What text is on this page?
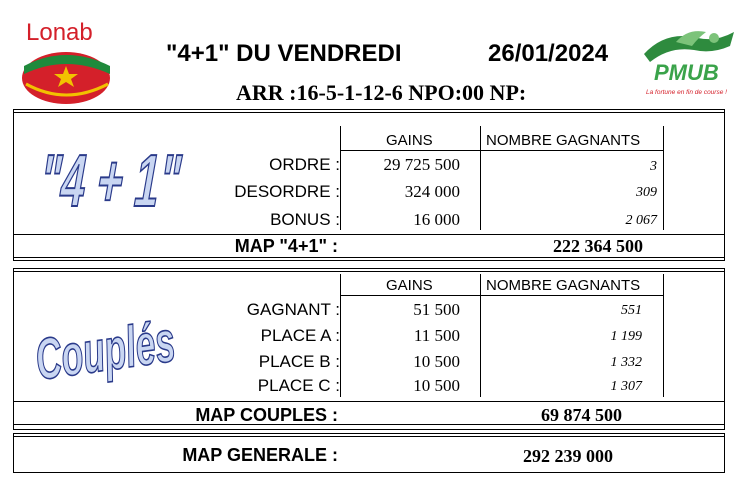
Lonab
"4+1" DU VENDREDI	26/01/2024
ARR :16-5-1-12-6 NPO:00 NP:
PMUB
La fortune en fin de course !
"4 + 1"	GAINS	NOMBRE GAGNANTS
ORDRE :	29 725 500	3
DESORDRE :	324 000	309
BONUS :	16 000	2 067
MAP "4+1" :	222 364 500
Couplés
GAINS	NOMBRE GAGNANTS
GAGNANT :	51 500	551
PLACE A :	11 500	1 199
PLACE B :	10 500	1 332
PLACE C :	10 500	1 307
MAP COUPLES :	69 874 500
MAP GENERALE :	292 239 000
